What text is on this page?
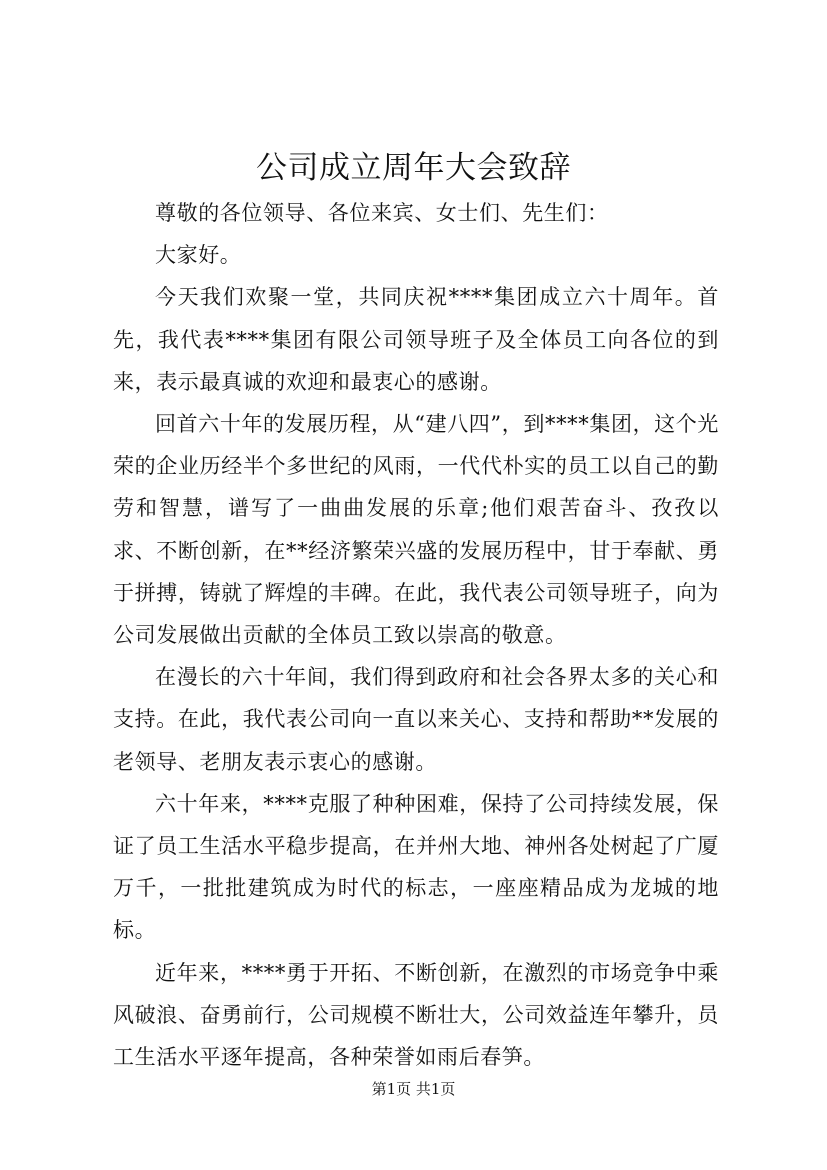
公司成立周年大会致辞

尊敬的各位领导、各位来宾、女士们、先生们：

大家好。

今天我们欢聚一堂，共同庆祝****集团成立六十周年。首先，我代表****集团有限公司领导班子及全体员工向各位的到来，表示最真诚的欢迎和最衷心的感谢。

回首六十年的发展历程，从“建八四”，到****集团，这个光荣的企业历经半个多世纪的风雨，一代代朴实的员工以自己的勤劳和智慧，谱写了一曲曲发展的乐章;他们艰苦奋斗、孜孜以求、不断创新，在**经济繁荣兴盛的发展历程中，甘于奉献、勇于拼搏，铸就了辉煌的丰碑。在此，我代表公司领导班子，向为公司发展做出贡献的全体员工致以崇高的敬意。

在漫长的六十年间，我们得到政府和社会各界太多的关心和支持。在此，我代表公司向一直以来关心、支持和帮助**发展的老领导、老朋友表示衷心的感谢。

六十年来，****克服了种种困难，保持了公司持续发展，保证了员工生活水平稳步提高，在并州大地、神州各处树起了广厦万千，一批批建筑成为时代的标志，一座座精品成为龙城的地标。

近年来，****勇于开拓、不断创新，在激烈的市场竞争中乘风破浪、奋勇前行，公司规模不断壮大，公司效益连年攀升，员工生活水平逐年提高，各种荣誉如雨后春笋。

第1页 共1页
